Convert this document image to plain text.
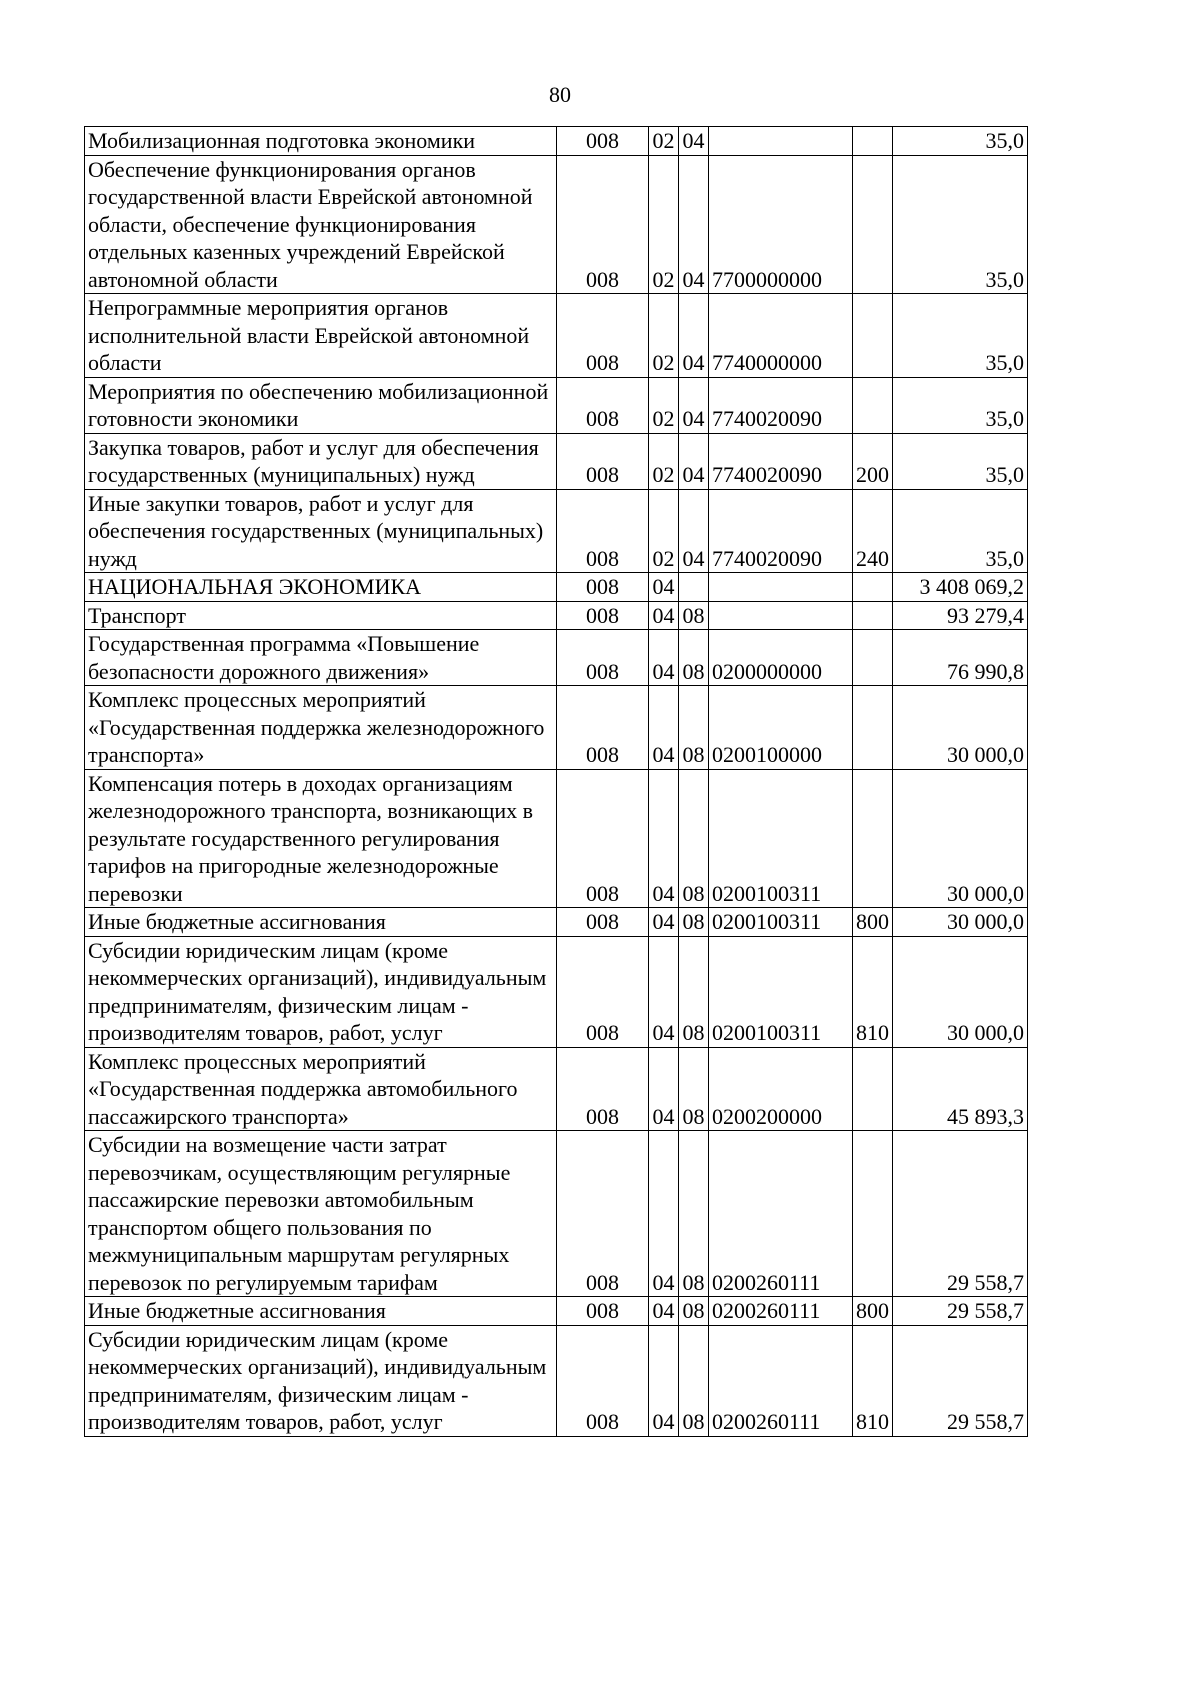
80
Мобилизационная подготовка экономики	008	02	04			35,0
Обеспечение функционирования органов государственной власти Еврейской автономной области, обеспечение функционирования отдельных казенных учреждений Еврейской автономной области	008	02	04	7700000000		35,0
Непрограммные мероприятия органов исполнительной власти Еврейской автономной области	008	02	04	7740000000		35,0
Мероприятия по обеспечению мобилизационной готовности экономики	008	02	04	7740020090		35,0
Закупка товаров, работ и услуг для обеспечения государственных (муниципальных) нужд	008	02	04	7740020090	200	35,0
Иные закупки товаров, работ и услуг для обеспечения государственных (муниципальных) нужд	008	02	04	7740020090	240	35,0
НАЦИОНАЛЬНАЯ ЭКОНОМИКА	008	04				3 408 069,2
Транспорт	008	04	08			93 279,4
Государственная программа «Повышение безопасности дорожного движения»	008	04	08	0200000000		76 990,8
Комплекс процессных мероприятий «Государственная поддержка железнодорожного транспорта»	008	04	08	0200100000		30 000,0
Компенсация потерь в доходах организациям железнодорожного транспорта, возникающих в результате государственного регулирования тарифов на пригородные железнодорожные перевозки	008	04	08	0200100311		30 000,0
Иные бюджетные ассигнования	008	04	08	0200100311	800	30 000,0
Субсидии юридическим лицам (кроме некоммерческих организаций), индивидуальным предпринимателям, физическим лицам - производителям товаров, работ, услуг	008	04	08	0200100311	810	30 000,0
Комплекс процессных мероприятий «Государственная поддержка автомобильного пассажирского транспорта»	008	04	08	0200200000		45 893,3
Субсидии на возмещение части затрат перевозчикам, осуществляющим регулярные пассажирские перевозки автомобильным транспортом общего пользования по межмуниципальным маршрутам регулярных перевозок по регулируемым тарифам	008	04	08	0200260111		29 558,7
Иные бюджетные ассигнования	008	04	08	0200260111	800	29 558,7
Субсидии юридическим лицам (кроме некоммерческих организаций), индивидуальным предпринимателям, физическим лицам - производителям товаров, работ, услуг	008	04	08	0200260111	810	29 558,7
